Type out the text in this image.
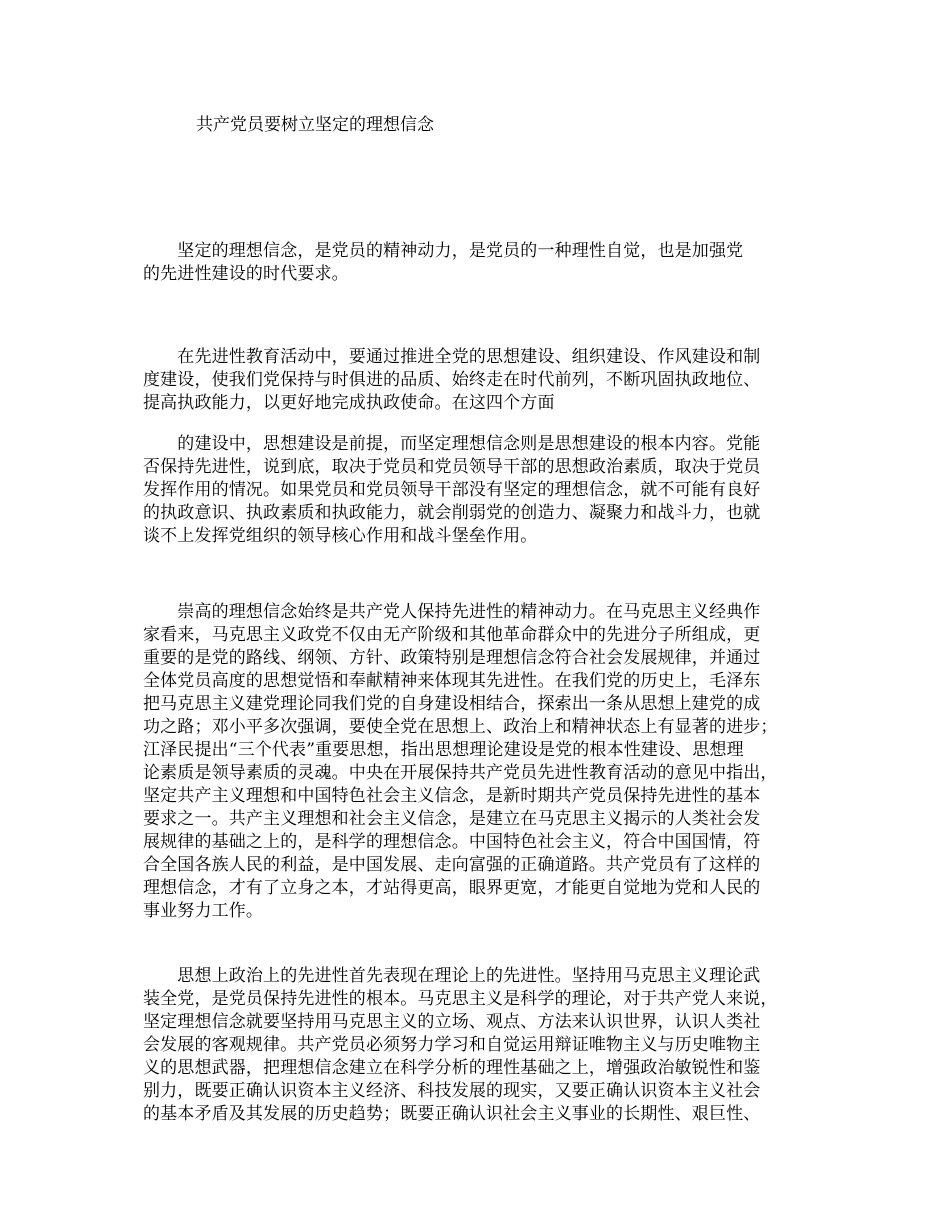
共产党员要树立坚定的理想信念
　　坚定的理想信念，是党员的精神动力，是党员的一种理性自觉，也是加强党
的先进性建设的时代要求。
　　在先进性教育活动中，要通过推进全党的思想建设、组织建设、作风建设和制
度建设，使我们党保持与时俱进的品质、始终走在时代前列，不断巩固执政地位、
提高执政能力，以更好地完成执政使命。在这四个方面
　　的建设中，思想建设是前提，而坚定理想信念则是思想建设的根本内容。党能
否保持先进性，说到底，取决于党员和党员领导干部的思想政治素质，取决于党员
发挥作用的情况。如果党员和党员领导干部没有坚定的理想信念，就不可能有良好
的执政意识、执政素质和执政能力，就会削弱党的创造力、凝聚力和战斗力，也就
谈不上发挥党组织的领导核心作用和战斗堡垒作用。
　　崇高的理想信念始终是共产党人保持先进性的精神动力。在马克思主义经典作
家看来，马克思主义政党不仅由无产阶级和其他革命群众中的先进分子所组成，更
重要的是党的路线、纲领、方针、政策特别是理想信念符合社会发展规律，并通过
全体党员高度的思想觉悟和奉献精神来体现其先进性。在我们党的历史上，毛泽东
把马克思主义建党理论同我们党的自身建设相结合，探索出一条从思想上建党的成
功之路；邓小平多次强调，要使全党在思想上、政治上和精神状态上有显著的进步；
江泽民提出“三个代表”重要思想，指出思想理论建设是党的根本性建设、思想理
论素质是领导素质的灵魂。中央在开展保持共产党员先进性教育活动的意见中指出，
坚定共产主义理想和中国特色社会主义信念，是新时期共产党员保持先进性的基本
要求之一。共产主义理想和社会主义信念，是建立在马克思主义揭示的人类社会发
展规律的基础之上的，是科学的理想信念。中国特色社会主义，符合中国国情，符
合全国各族人民的利益，是中国发展、走向富强的正确道路。共产党员有了这样的
理想信念，才有了立身之本，才站得更高，眼界更宽，才能更自觉地为党和人民的
事业努力工作。
　　思想上政治上的先进性首先表现在理论上的先进性。坚持用马克思主义理论武
装全党，是党员保持先进性的根本。马克思主义是科学的理论，对于共产党人来说，
坚定理想信念就要坚持用马克思主义的立场、观点、方法来认识世界，认识人类社
会发展的客观规律。共产党员必须努力学习和自觉运用辩证唯物主义与历史唯物主
义的思想武器，把理想信念建立在科学分析的理性基础之上，增强政治敏锐性和鉴
别力，既要正确认识资本主义经济、科技发展的现实，又要正确认识资本主义社会
的基本矛盾及其发展的历史趋势；既要正确认识社会主义事业的长期性、艰巨性、
